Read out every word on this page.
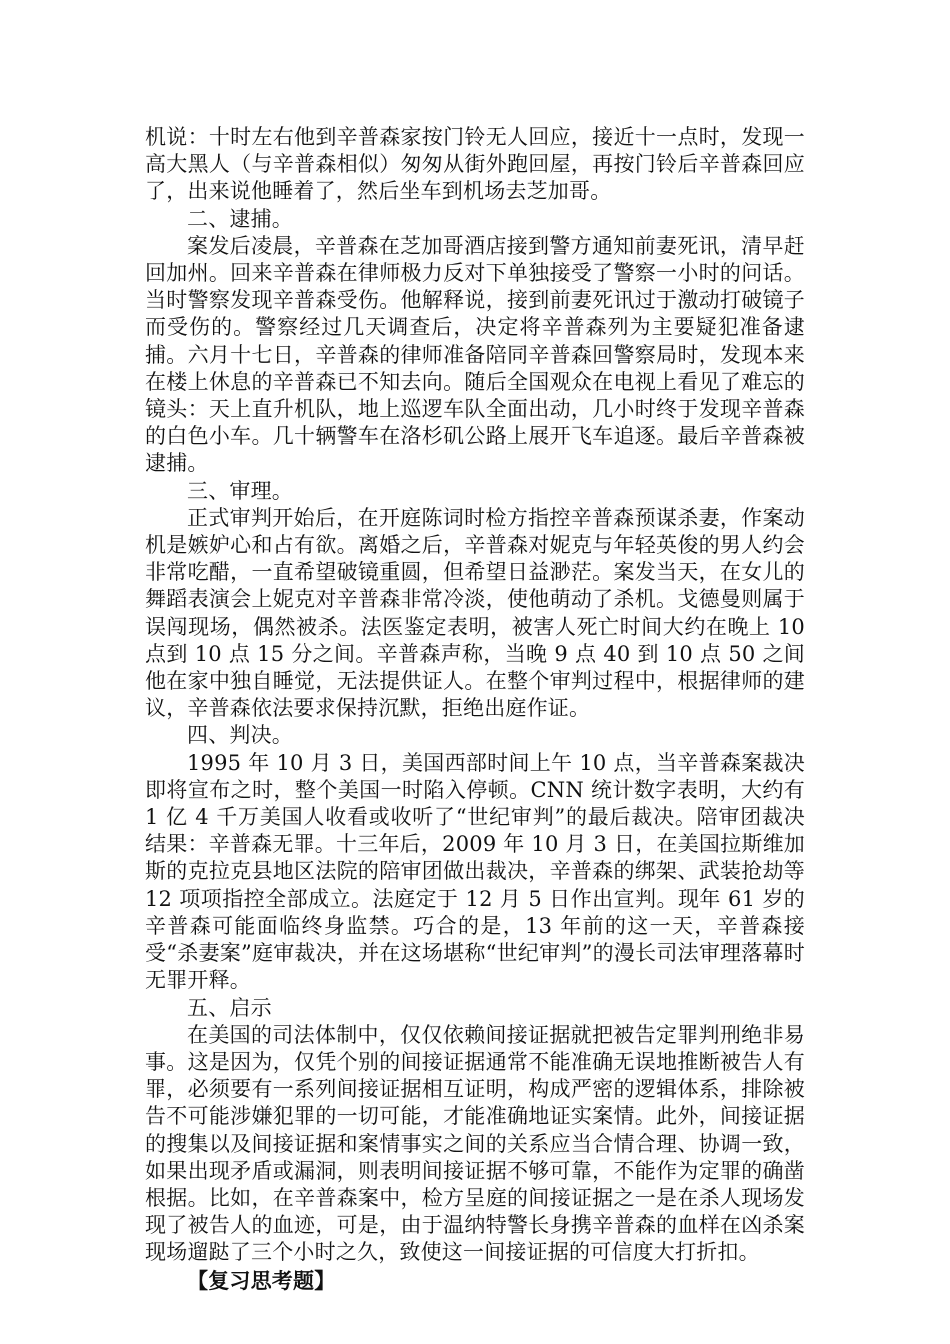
机说：十时左右他到辛普森家按门铃无人回应，接近十一点时，发现一高大黑人（与辛普森相似）匆匆从街外跑回屋，再按门铃后辛普森回应了，出来说他睡着了，然后坐车到机场去芝加哥。

二、逮捕。

案发后凌晨，辛普森在芝加哥酒店接到警方通知前妻死讯，清早赶回加州。回来辛普森在律师极力反对下单独接受了警察一小时的问话。当时警察发现辛普森受伤。他解释说，接到前妻死讯过于激动打破镜子而受伤的。警察经过几天调查后，决定将辛普森列为主要疑犯准备逮捕。六月十七日，辛普森的律师准备陪同辛普森回警察局时，发现本来在楼上休息的辛普森已不知去向。随后全国观众在电视上看见了难忘的镜头：天上直升机队，地上巡逻车队全面出动，几小时终于发现辛普森的白色小车。几十辆警车在洛杉矶公路上展开飞车追逐。最后辛普森被逮捕。

三、审理。

正式审判开始后，在开庭陈词时检方指控辛普森预谋杀妻，作案动机是嫉妒心和占有欲。离婚之后，辛普森对妮克与年轻英俊的男人约会非常吃醋，一直希望破镜重圆，但希望日益渺茫。案发当天，在女儿的舞蹈表演会上妮克对辛普森非常冷淡，使他萌动了杀机。戈德曼则属于误闯现场，偶然被杀。法医鉴定表明，被害人死亡时间大约在晚上 10 点到 10 点 15 分之间。辛普森声称，当晚 9 点 40 到 10 点 50 之间他在家中独自睡觉，无法提供证人。在整个审判过程中，根据律师的建议，辛普森依法要求保持沉默，拒绝出庭作证。

四、判决。

1995 年 10 月 3 日，美国西部时间上午 10 点，当辛普森案裁决即将宣布之时，整个美国一时陷入停顿。CNN 统计数字表明，大约有 1 亿 4 千万美国人收看或收听了“世纪审判”的最后裁决。陪审团裁决结果：辛普森无罪。十三年后，2009 年 10 月 3 日，在美国拉斯维加斯的克拉克县地区法院的陪审团做出裁决，辛普森的绑架、武装抢劫等 12 项项指控全部成立。法庭定于 12 月 5 日作出宣判。现年 61 岁的辛普森可能面临终身监禁。巧合的是，13 年前的这一天，辛普森接受“杀妻案”庭审裁决，并在这场堪称“世纪审判”的漫长司法审理落幕时无罪开释。

五、启示

在美国的司法体制中，仅仅依赖间接证据就把被告定罪判刑绝非易事。这是因为，仅凭个别的间接证据通常不能准确无误地推断被告人有罪，必须要有一系列间接证据相互证明，构成严密的逻辑体系，排除被告不可能涉嫌犯罪的一切可能，才能准确地证实案情。此外，间接证据的搜集以及间接证据和案情事实之间的关系应当合情合理、协调一致，如果出现矛盾或漏洞，则表明间接证据不够可靠，不能作为定罪的确凿根据。比如，在辛普森案中，检方呈庭的间接证据之一是在杀人现场发现了被告人的血迹，可是，由于温纳特警长身携辛普森的血样在凶杀案现场遛跶了三个小时之久，致使这一间接证据的可信度大打折扣。

【复习思考题】
